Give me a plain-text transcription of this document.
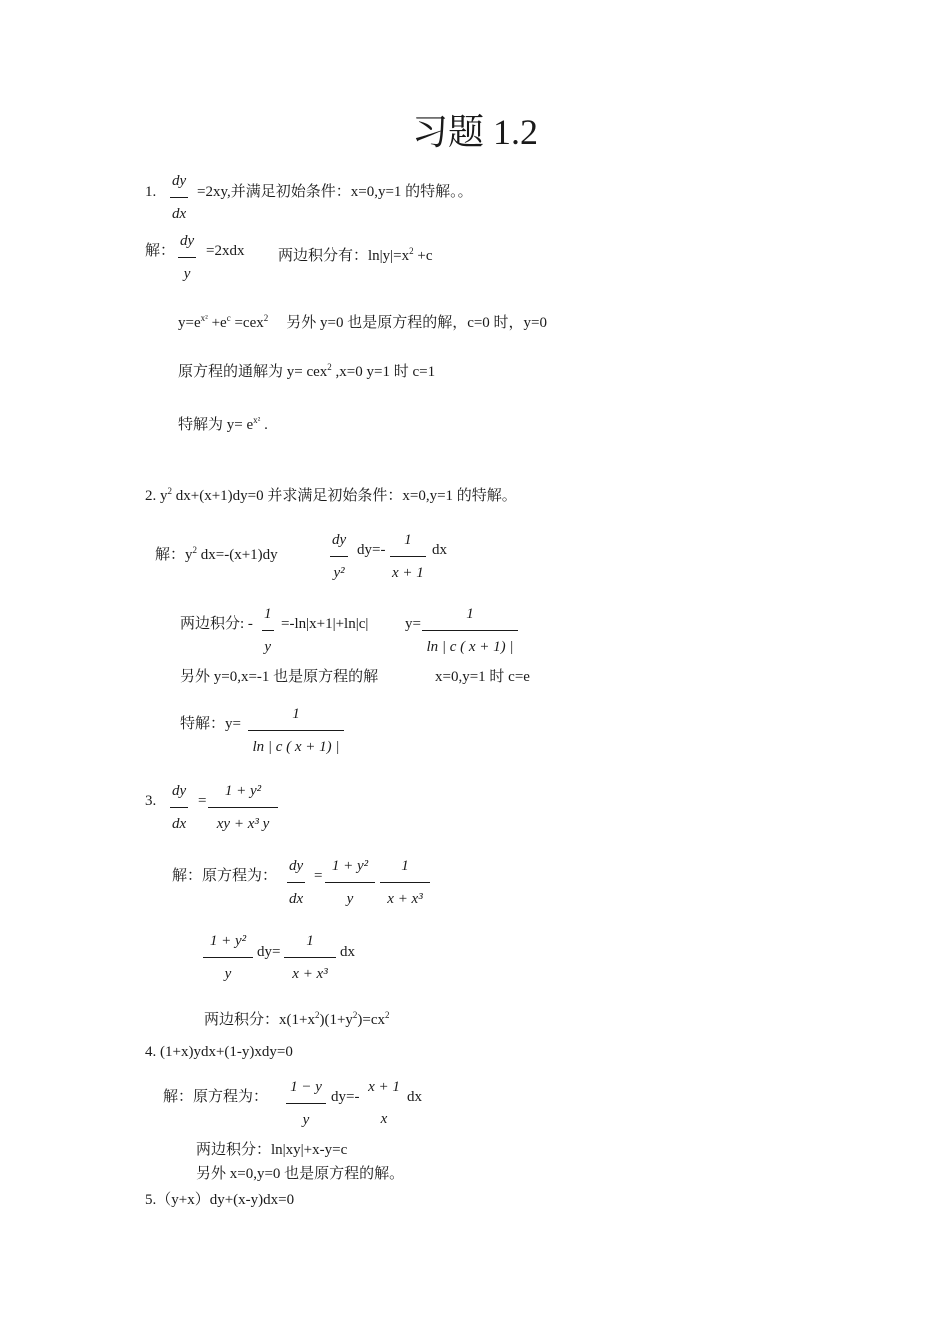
习题 1.2
1. $\frac{dy}{dx} =2xy$,并满足初始条件：x=0,y=1 的特解。。
解： $\frac{dy}{y} =2xdx$ 两边积分有：$\ln|y|=x^2 +c$
$y=e^{x^2} +e^c =cex^2$ 另外 y=0 也是原方程的解，c=0 时，y=0
原方程的通解为 y= cex$^2$ ,x=0 y=1 时 c=1
特解为 $y= e^{x^2}$ .
2. $y^2$ dx+(x+1)dy=0 并求满足初始条件：x=0,y=1 的特解。
解：$y^2$ dx=-(x+1)dy	$\frac{dy}{\text{y²}} dy=- \frac{1}{x + 1}$ dx
两边积分: - $\frac{1}{y} =-\ln|x+1|+\ln|c|$ $y= \frac{1}{\ln | c ( x + 1) |}$
另外 y=0,x=-1 也是原方程的解	x=0,y=1 时 c=e
特解：$y= \frac{1}{\ln | c ( x + 1) |}$
3. $\frac{dy}{dx} = \frac{\text{1 + y²}}{\text{xy + x³ y}}$
解：原方程为： $\frac{dy}{dx} = \frac{\text{1 + y²}}{y} \frac{1}{\text{x + x³}}$
$\frac{\text{1 + y²}}{y} dy= \frac{1}{\text{x + x³}}$ dx
两边积分：$x(1+x^2)(1+y^2)=cx^2$
4. (1+x)ydx+(1-y)xdy=0
解：原方程为： $\frac{1 - y}{y} dy=-$
x + 1
x
dx
两边积分：ln|xy|+x-y=c
另外 x=0,y=0 也是原方程的解。
5.（y+x）dy+(x-y)dx=0
